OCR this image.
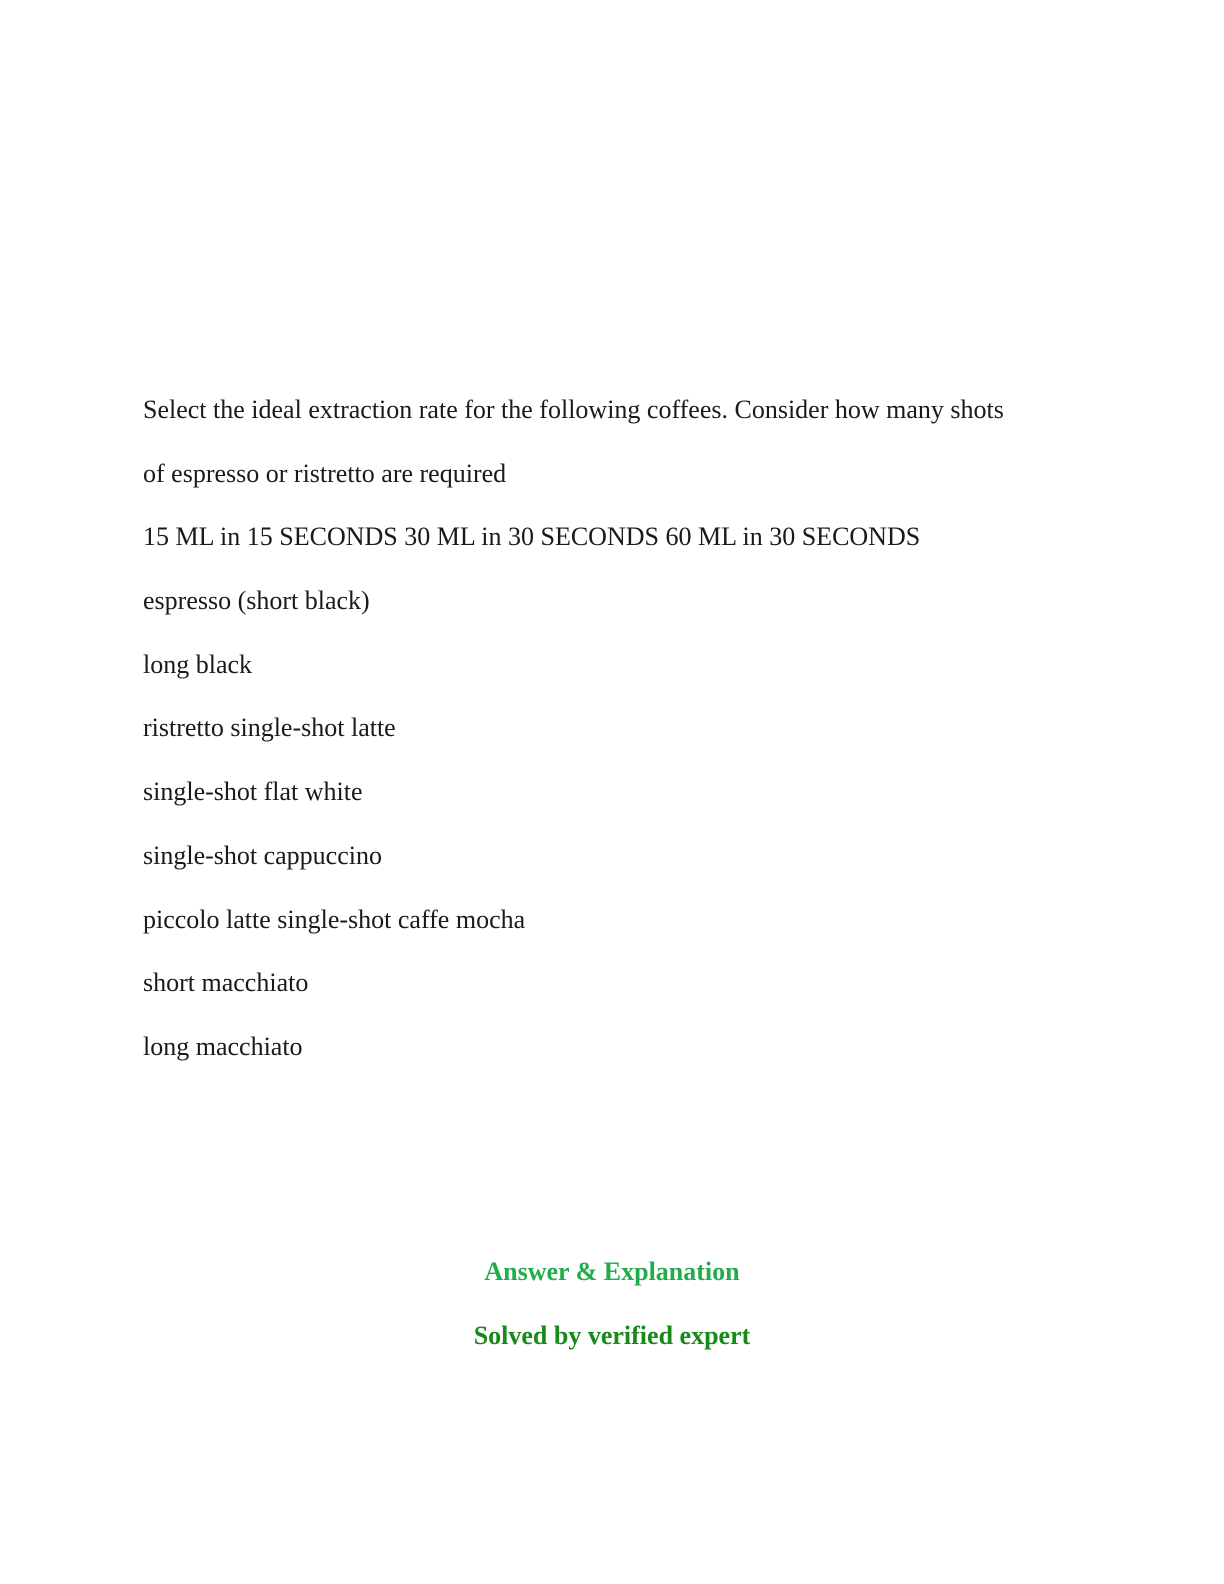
Select the ideal extraction rate for the following coffees. Consider how many shots
of espresso or ristretto are required
15 ML in 15 SECONDS 30 ML in 30 SECONDS 60 ML in 30 SECONDS
espresso (short black)
long black
ristretto single-shot latte
single-shot flat white
single-shot cappuccino
piccolo latte single-shot caffe mocha
short macchiato
long macchiato
Answer & Explanation
Solved by verified expert
